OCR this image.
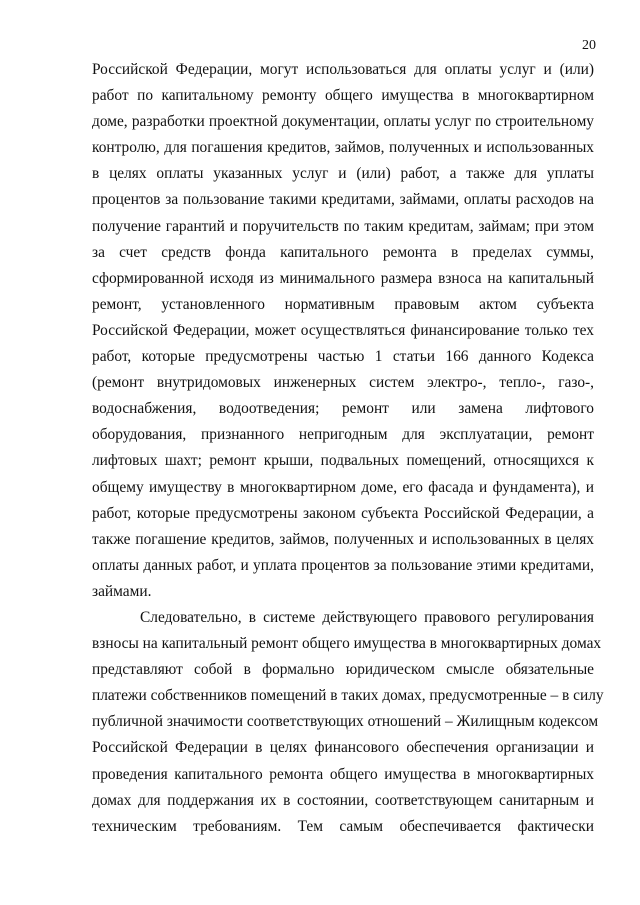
20
Российской Федерации, могут использоваться для оплаты услуг и (или)
работ по капитальному ремонту общего имущества в многоквартирном
доме, разработки проектной документации, оплаты услуг по строительному
контролю, для погашения кредитов, займов, полученных и использованных
в целях оплаты указанных услуг и (или) работ, а также для уплаты
процентов за пользование такими кредитами, займами, оплаты расходов на
получение гарантий и поручительств по таким кредитам, займам; при этом
за счет средств фонда капитального ремонта в пределах суммы,
сформированной исходя из минимального размера взноса на капитальный
ремонт, установленного нормативным правовым актом субъекта
Российской Федерации, может осуществляться финансирование только тех
работ, которые предусмотрены частью 1 статьи 166 данного Кодекса
(ремонт внутридомовых инженерных систем электро-, тепло-, газо-,
водоснабжения, водоотведения; ремонт или замена лифтового
оборудования, признанного непригодным для эксплуатации, ремонт
лифтовых шахт; ремонт крыши, подвальных помещений, относящихся к
общему имуществу в многоквартирном доме, его фасада и фундамента), и
работ, которые предусмотрены законом субъекта Российской Федерации, а
также погашение кредитов, займов, полученных и использованных в целях
оплаты данных работ, и уплата процентов за пользование этими кредитами,
займами.
Следовательно, в системе действующего правового регулирования
взносы на капитальный ремонт общего имущества в многоквартирных домах
представляют собой в формально юридическом смысле обязательные
платежи собственников помещений в таких домах, предусмотренные – в силу
публичной значимости соответствующих отношений – Жилищным кодексом
Российской Федерации в целях финансового обеспечения организации и
проведения капитального ремонта общего имущества в многоквартирных
домах для поддержания их в состоянии, соответствующем санитарным и
техническим требованиям. Тем самым обеспечивается фактически
